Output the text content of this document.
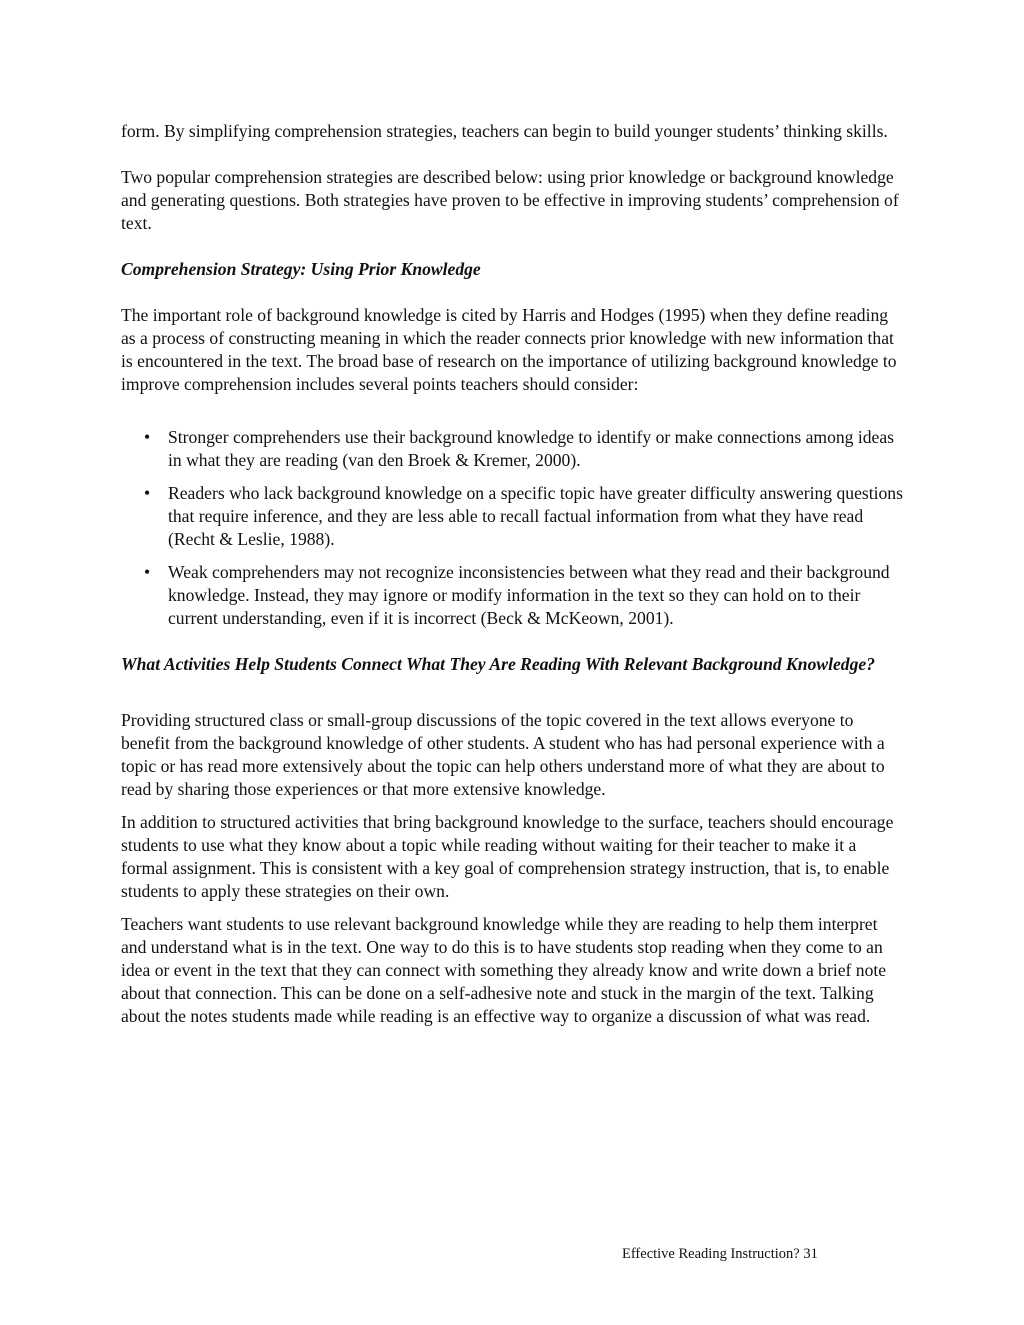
form. By simplifying comprehension strategies, teachers can begin to build younger students’ thinking skills.

Two popular comprehension strategies are described below: using prior knowledge or background knowledge and generating questions. Both strategies have proven to be effective in improving students’ comprehension of text.

Comprehension Strategy: Using Prior Knowledge

The important role of background knowledge is cited by Harris and Hodges (1995) when they define reading as a process of constructing meaning in which the reader connects prior knowledge with new information that is encountered in the text. The broad base of research on the importance of utilizing background knowledge to improve comprehension includes several points teachers should consider:

• Stronger comprehenders use their background knowledge to identify or make connections among ideas in what they are reading (van den Broek & Kremer, 2000).
• Readers who lack background knowledge on a specific topic have greater difficulty answering questions that require inference, and they are less able to recall factual information from what they have read (Recht & Leslie, 1988).
• Weak comprehenders may not recognize inconsistencies between what they read and their background knowledge. Instead, they may ignore or modify information in the text so they can hold on to their current understanding, even if it is incorrect (Beck & McKeown, 2001).

What Activities Help Students Connect What They Are Reading With Relevant Background Knowledge?

Providing structured class or small-group discussions of the topic covered in the text allows everyone to benefit from the background knowledge of other students. A student who has had personal experience with a topic or has read more extensively about the topic can help others understand more of what they are about to read by sharing those experiences or that more extensive knowledge.

In addition to structured activities that bring background knowledge to the surface, teachers should encourage students to use what they know about a topic while reading without waiting for their teacher to make it a formal assignment. This is consistent with a key goal of comprehension strategy instruction, that is, to enable students to apply these strategies on their own.

Teachers want students to use relevant background knowledge while they are reading to help them interpret and understand what is in the text. One way to do this is to have students stop reading when they come to an idea or event in the text that they can connect with something they already know and write down a brief note about that connection. This can be done on a self-adhesive note and stuck in the margin of the text. Talking about the notes students made while reading is an effective way to organize a discussion of what was read.

Effective Reading Instruction? 31
